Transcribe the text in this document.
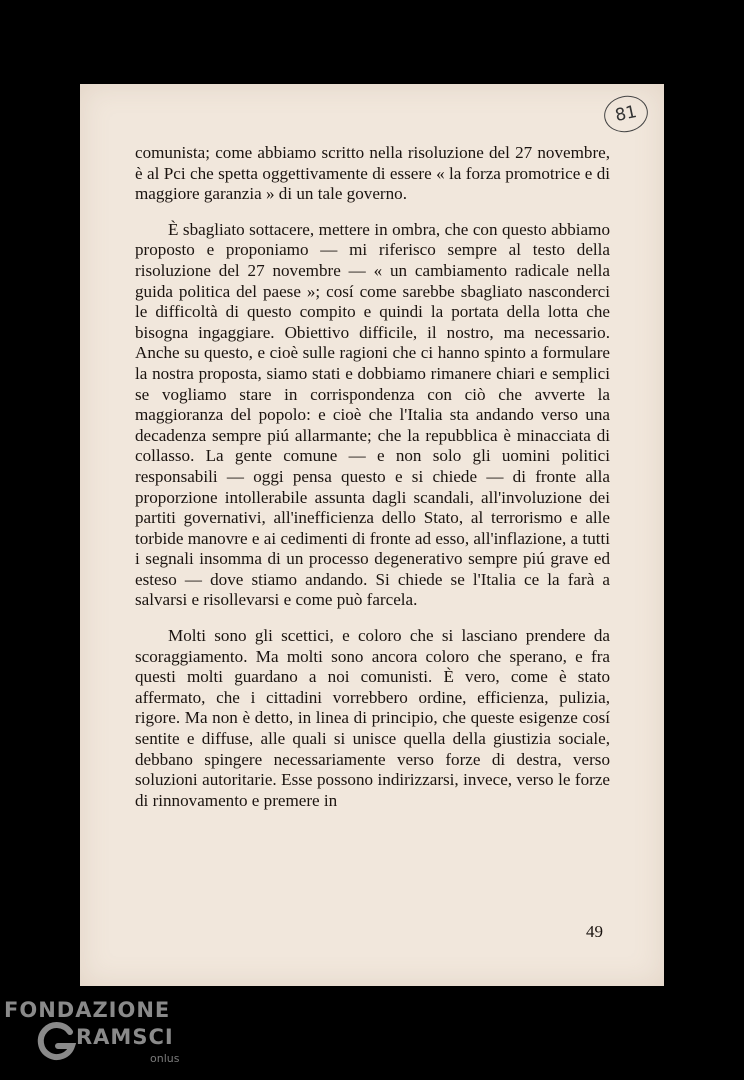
81

comunista; come abbiamo scritto nella risoluzione del 27 novembre, è al Pci che spetta oggettivamente di essere « la forza promotrice e di maggiore garanzia » di un tale governo.

È sbagliato sottacere, mettere in ombra, che con questo abbiamo proposto e proponiamo — mi riferisco sempre al testo della risoluzione del 27 novembre — « un cambiamento radicale nella guida politica del paese »; cosí come sarebbe sbagliato nasconderci le difficoltà di questo compito e quindi la portata della lotta che bisogna ingaggiare. Obiettivo difficile, il nostro, ma necessario. Anche su questo, e cioè sulle ragioni che ci hanno spinto a formulare la nostra proposta, siamo stati e dobbiamo rimanere chiari e semplici se vogliamo stare in corrispondenza con ciò che avverte la maggioranza del popolo: e cioè che l'Italia sta andando verso una decadenza sempre piú allarmante; che la repubblica è minacciata di collasso. La gente comune — e non solo gli uomini politici responsabili — oggi pensa questo e si chiede — di fronte alla proporzione intollerabile assunta dagli scandali, all'involuzione dei partiti governativi, all'inefficienza dello Stato, al terrorismo e alle torbide manovre e ai cedimenti di fronte ad esso, all'inflazione, a tutti i segnali insomma di un processo degenerativo sempre piú grave ed esteso — dove stiamo andando. Si chiede se l'Italia ce la farà a salvarsi e risollevarsi e come può farcela.

Molti sono gli scettici, e coloro che si lasciano prendere da scoraggiamento. Ma molti sono ancora coloro che sperano, e fra questi molti guardano a noi comunisti. È vero, come è stato affermato, che i cittadini vorrebbero ordine, efficienza, pulizia, rigore. Ma non è detto, in linea di principio, che queste esigenze cosí sentite e diffuse, alle quali si unisce quella della giustizia sociale, debbano spingere necessariamente verso forze di destra, verso soluzioni autoritarie. Esse possono indirizzarsi, invece, verso le forze di rinnovamento e premere in

49
FONDAZIONE
RAMSCI
onlus
